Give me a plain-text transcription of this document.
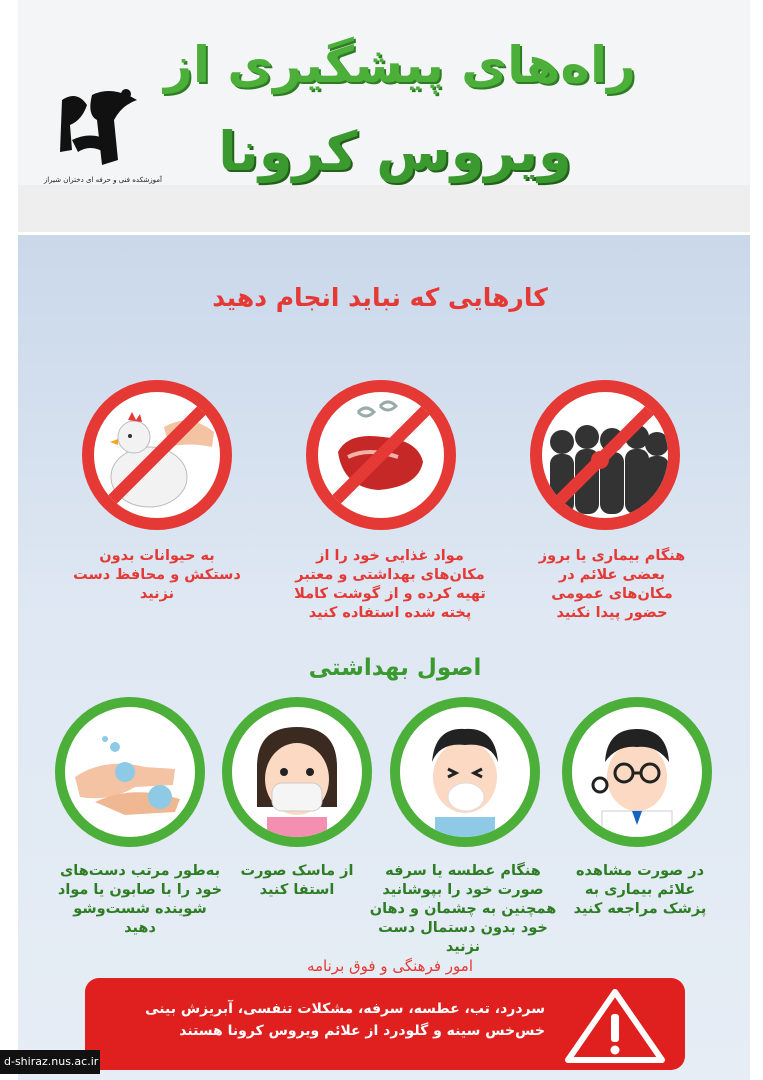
راه‌های پیشگیری از
ویروس کرونا
آموزشکده فنی و حرفه ای دختران شیراز
کارهایی که نباید انجام دهید
به حیوانات بدون دستکش و محافظ دست نزنید
مواد غذایی خود را از مکان‌های بهداشتی و معتبر تهیه کرده و از گوشت کاملا پخته شده استفاده کنید
هنگام بیماری یا بروز بعضی علائم در مکان‌های عمومی حضور پیدا نکنید
اصول بهداشتی
به‌طور مرتب دست‌های خود را با صابون یا مواد شوینده شست‌وشو دهید
از ماسک صورت استفا کنید
هنگام عطسه یا سرفه صورت خود را بپوشانید همچنین به چشمان و دهان خود بدون دستمال دست نزنید
در صورت مشاهده علائم بیماری به پزشک مراجعه کنید
امور فرهنگی و فوق برنامه
سردرد، تب، عطسه، سرفه، مشکلات تنفسی، آبریزش بینی خس‌خس سینه و گلودرد از علائم ویروس کرونا هستند
d-shiraz.nus.ac.ir
